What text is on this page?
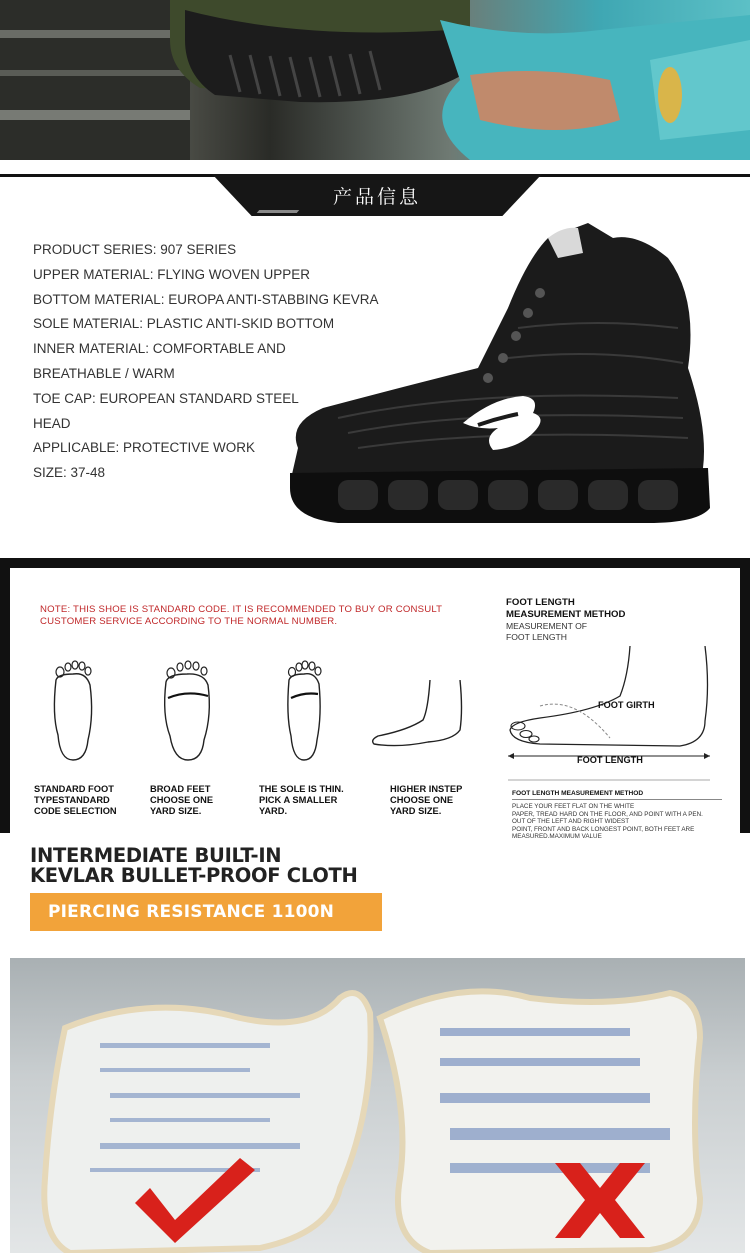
产品信息
PRODUCT SERIES: 907 SERIES
UPPER MATERIAL: FLYING WOVEN UPPER
BOTTOM MATERIAL: EUROPA ANTI-STABBING KEVRA
SOLE MATERIAL: PLASTIC ANTI-SKID BOTTOM
INNER MATERIAL: COMFORTABLE AND
BREATHABLE / WARM
TOE CAP: EUROPEAN STANDARD STEEL
HEAD
APPLICABLE: PROTECTIVE WORK
SIZE: 37-48
NOTE: THIS SHOE IS STANDARD CODE. IT IS RECOMMENDED TO BUY OR CONSULT
CUSTOMER SERVICE ACCORDING TO THE NORMAL NUMBER.
STANDARD FOOT
TYPESTANDARD
CODE SELECTION
BROAD FEET
CHOOSE ONE
YARD SIZE.
THE SOLE IS THIN.
PICK A SMALLER
YARD.
HIGHER INSTEP
CHOOSE ONE
YARD SIZE.
FOOT LENGTH
MEASUREMENT METHOD
MEASUREMENT OF
FOOT LENGTH
FOOT GIRTH
FOOT LENGTH
FOOT LENGTH MEASUREMENT METHOD
PLACE YOUR FEET FLAT ON THE WHITE
PAPER, TREAD HARD ON THE FLOOR, AND POINT WITH A PEN.
OUT OF THE LEFT AND RIGHT WIDEST
POINT, FRONT AND BACK LONGEST POINT, BOTH FEET ARE
MEASURED.MAXIMUM VALUE
INTERMEDIATE BUILT-IN
KEVLAR BULLET-PROOF CLOTH
PIERCING RESISTANCE 1100N
